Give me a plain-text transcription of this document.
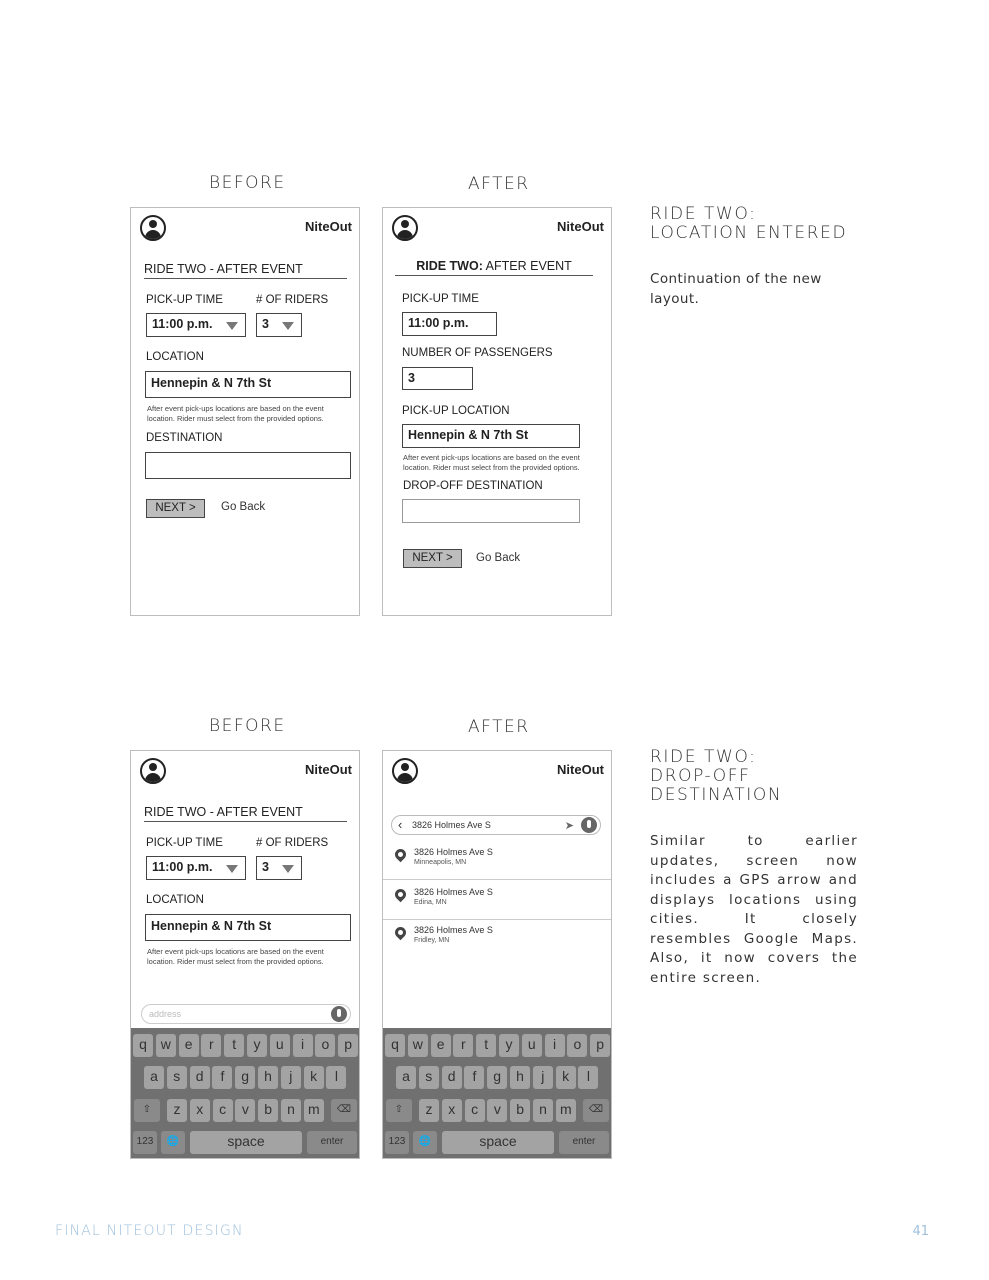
BEFORE	AFTER
RIDE TWO:
LOCATION ENTERED
Continuation of the new layout.
NiteOut
RIDE TWO - AFTER EVENT
PICK-UP TIME	# OF RIDERS
11:00 p.m.	3
LOCATION
Hennepin & N 7th St
After event pick-ups locations are based on the event location. Rider must select from the provided options.
DESTINATION
NEXT >	Go Back
NiteOut
RIDE TWO: AFTER EVENT
PICK-UP TIME
11:00 p.m.
NUMBER OF PASSENGERS
3
PICK-UP LOCATION
Hennepin & N 7th St
After event pick-ups locations are based on the event location. Rider must select from the provided options.
DROP-OFF DESTINATION
NEXT >	Go Back
BEFORE	AFTER
RIDE TWO:
DROP-OFF
DESTINATION
Similar to earlier updates, screen now includes a GPS arrow and displays locations using cities. It closely resembles Google Maps. Also, it now covers the entire screen.
NiteOut
RIDE TWO - AFTER EVENT
PICK-UP TIME	# OF RIDERS
11:00 p.m.	3
LOCATION
Hennepin & N 7th St
After event pick-ups locations are based on the event location. Rider must select from the provided options.
address
q w e	r	t	y	u	i	o	p
a	s	d	f	g	h	j	k	l
⇧	z	x	c	v	b	n m	⌫
123	🌐	space	enter
NiteOut
‹ 3826 Holmes Ave S	➤
3826 Holmes Ave S
Minneapolis, MN
3826 Holmes Ave S
Edina, MN
3826 Holmes Ave S
Fridley, MN
q w e	r	t	y	u	i	o	p
a	s	d	f	g	h	j	k	l
⇧	z	x	c	v	b	n m	⌫
123	🌐	space	enter
FINAL NITEOUT DESIGN	41
